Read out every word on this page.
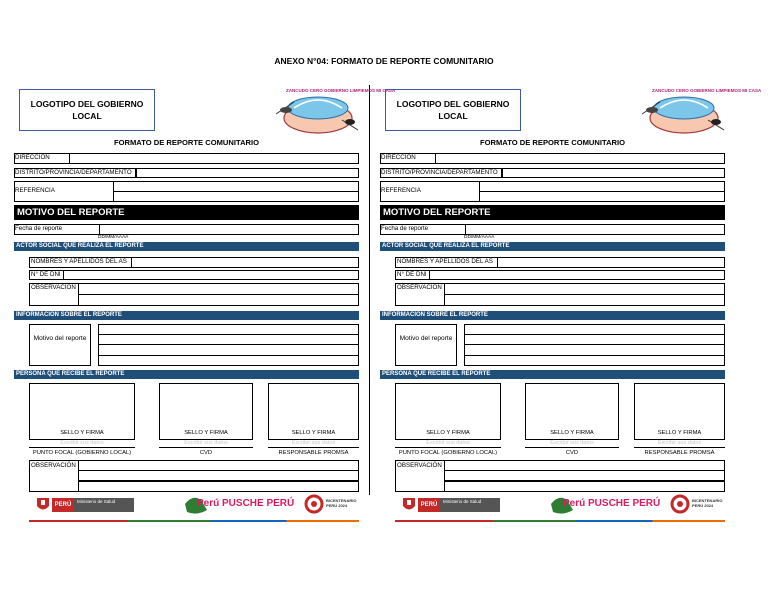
ANEXO N°04: FORMATO DE REPORTE COMUNITARIO
LOGOTIPO DEL GOBIERNO LOCAL
ZANCUDO CERO GOBIERNO LIMPIEMOS MI CASA
FORMATO DE REPORTE COMUNITARIO
DIRECCIÓN
DISTRITO/PROVINCIA/DEPARTAMENTO
REFERENCIA
MOTIVO DEL REPORTE
Fecha de reporte
DD/MM/AAAA
ACTOR SOCIAL QUE REALIZA EL REPORTE
NOMBRES Y APELLIDOS DEL AS
N° DE DNI
OBSERVACIÓN
INFORMACIÓN SOBRE EL REPORTE
Motivo del reporte
PERSONA QUE RECIBE EL REPORTE
SELLO Y FIRMA
Escribir sus datos
PUNTO FOCAL (GOBIERNO LOCAL)
SELLO Y FIRMA
Escribir sus datos
CVD
SELLO Y FIRMA
Escribir sus datos
RESPONSABLE PROMSA
OBSERVACIÓN
PERÚ
Ministerio de Salud	Perú PUSCHE PERÚ	BICENTENARIO PERÚ 2024
LOGOTIPO DEL GOBIERNO LOCAL
ZANCUDO CERO GOBIERNO LIMPIEMOS MI CASA
FORMATO DE REPORTE COMUNITARIO
DIRECCIÓN
DISTRITO/PROVINCIA/DEPARTAMENTO
REFERENCIA
MOTIVO DEL REPORTE
Fecha de reporte
DD/MM/AAAA
ACTOR SOCIAL QUE REALIZA EL REPORTE
NOMBRES Y APELLIDOS DEL AS
N° DE DNI
OBSERVACIÓN
INFORMACIÓN SOBRE EL REPORTE
Motivo del reporte
PERSONA QUE RECIBE EL REPORTE
SELLO Y FIRMA
Escribir sus datos
PUNTO FOCAL (GOBIERNO LOCAL)
SELLO Y FIRMA
Escribir sus datos
CVD
SELLO Y FIRMA
Escribir sus datos
RESPONSABLE PROMSA
OBSERVACIÓN
PERÚ
Ministerio de Salud	Perú PUSCHE PERÚ	BICENTENARIO PERÚ 2024
